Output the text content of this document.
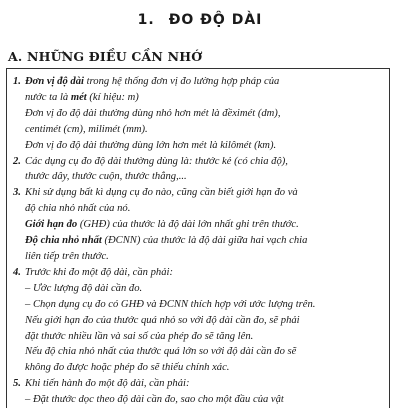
1. ĐO ĐỘ DÀI
A. NHỮNG ĐIỀU CẦN NHỚ
1. Đơn vị độ dài trong hệ thống đơn vị đo lường hợp pháp của
nước ta là mét (kí hiệu: m)
Đơn vị đo độ dài thường dùng nhỏ hơn mét là đềximét (dm),
centimét (cm), milimét (mm).
Đơn vị đo độ dài thường dùng lớn hơn mét là kilômét (km).
2. Các dụng cụ đo độ dài thường dùng là: thước kẻ (có chia độ),
thước dây, thước cuộn, thước thẳng,...
3. Khi sử dụng bất kì dụng cụ đo nào, cũng cần biết giới hạn đo và
độ chia nhỏ nhất của nó.
Giới hạn đo (GHĐ) của thước là độ dài lớn nhất ghi trên thước.
Độ chia nhỏ nhất (ĐCNN) của thước là độ dài giữa hai vạch chia
liên tiếp trên thước.
4. Trước khi đo một độ dài, cần phải:
– Ước lượng độ dài cần đo.
– Chọn dụng cụ đo có GHĐ và ĐCNN thích hợp với ước lượng trên.
Nếu giới hạn đo của thước quá nhỏ so với độ dài cần đo, sẽ phải
đặt thước nhiều lần và sai số của phép đo sẽ tăng lên.
Nếu độ chia nhỏ nhất của thước quá lớn so với độ dài cần đo sẽ
không đo được hoặc phép đo sẽ thiếu chính xác.
5. Khi tiến hành đo một độ dài, cần phải:
– Đặt thước dọc theo độ dài cần đo, sao cho một đầu của vật
